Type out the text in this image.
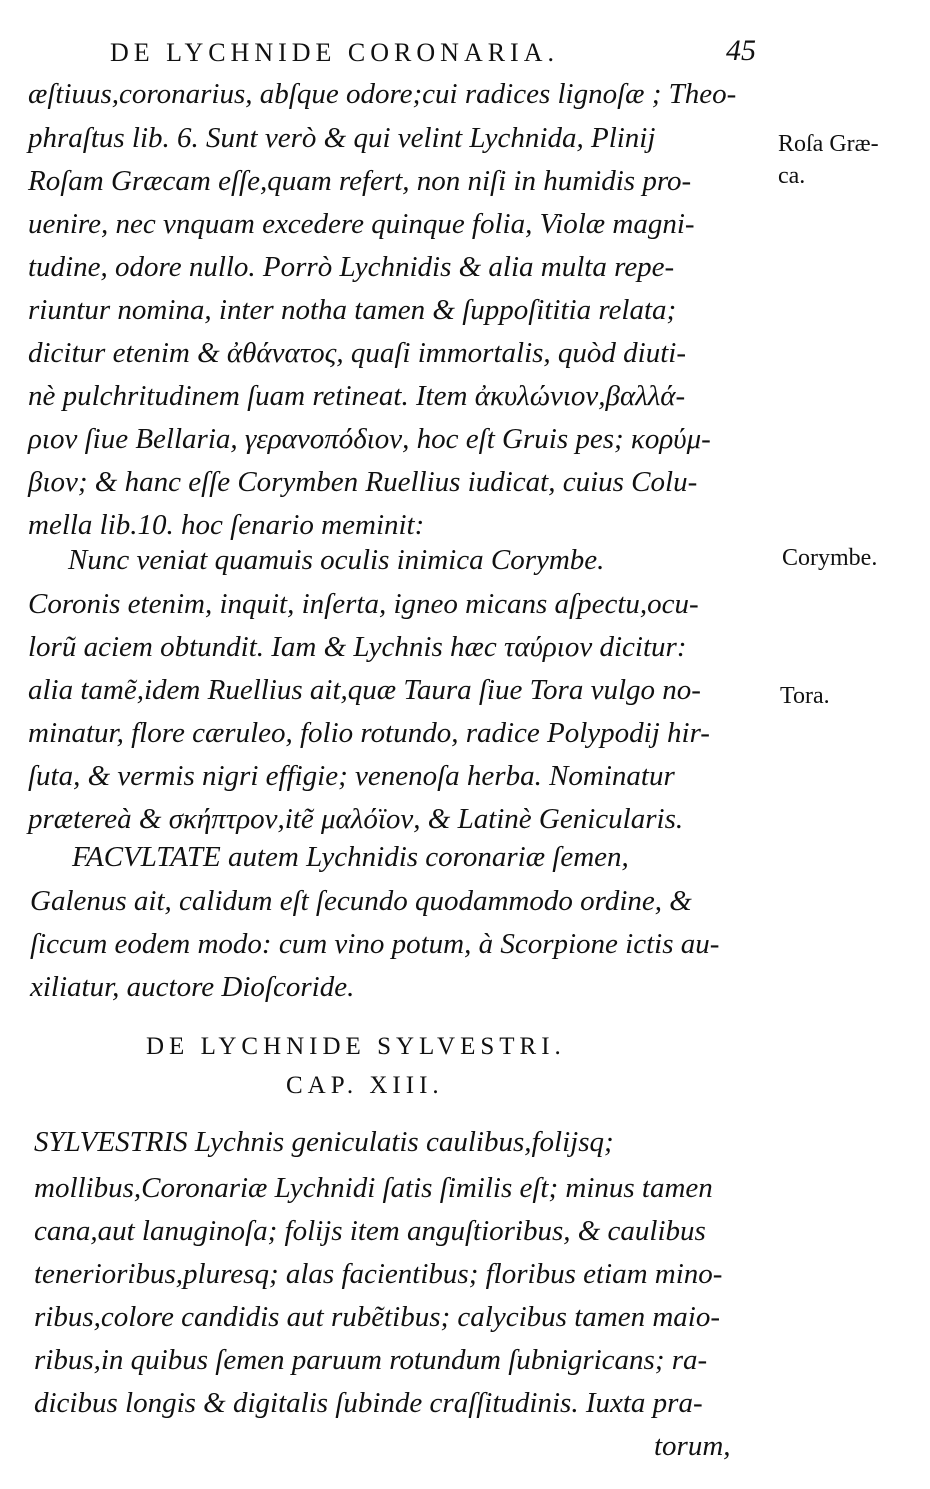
DE LYCHNIDE CORONARIA.	45
æſtiuus,coronarius, abſque odore;cui radices lignoſæ ; Theo-
phraſtus lib. 6. Sunt verò & qui velint Lychnida, Plinij
Roſam Græcam eſſe,quam refert, non niſi in humidis pro-
uenire, nec vnquam excedere quinque folia, Violæ magni-
tudine, odore nullo. Porrò Lychnidis & alia multa repe-
riuntur nomina, inter notha tamen & ſuppoſititia relata;
dicitur etenim & ἀθάνατος, quaſi immortalis, quòd diuti-
nè pulchritudinem ſuam retineat. Item ἀκυλώνιον,βαλλά-
ριον ſiue Bellaria, γερανοπόδιον, hoc eſt Gruis pes; κορύμ-
βιον; & hanc eſſe Corymben Ruellius iudicat, cuius Colu-
mella lib.10. hoc ſenario meminit:
Nunc veniat quamuis oculis inimica Corymbe.
Coronis etenim, inquit, inſerta, igneo micans aſpectu,ocu-
lorũ aciem obtundit. Iam & Lychnis hæc ταύριον dicitur:
alia tamẽ,idem Ruellius ait,quæ Taura ſiue Tora vulgo no-
minatur, flore cæruleo, folio rotundo, radice Polypodij hir-
ſuta, & vermis nigri effigie; venenoſa herba. Nominatur
prætereà & σκήπτρον,itẽ μαλόϊον, & Latinè Genicularis.
FACVLTATE autem Lychnidis coronariæ ſemen,
Galenus ait, calidum eſt ſecundo quodammodo ordine, &
ſiccum eodem modo: cum vino potum, à Scorpione ictis au-
xiliatur, auctore Dioſcoride.
Roſa Græ-
ca.
Corymbe.
Tora.
DE LYCHNIDE SYLVESTRI.
CAP. XIII.
SYLVESTRIS Lychnis geniculatis caulibus,folijsq;
mollibus,Coronariæ Lychnidi ſatis ſimilis eſt; minus tamen
cana,aut lanuginoſa; folijs item anguſtioribus, & caulibus
tenerioribus,pluresq; alas facientibus; floribus etiam mino-
ribus,colore candidis aut rubẽtibus; calycibus tamen maio-
ribus,in quibus ſemen paruum rotundum ſubnigricans; ra-
dicibus longis & digitalis ſubinde craſſitudinis. Iuxta pra-
torum,
